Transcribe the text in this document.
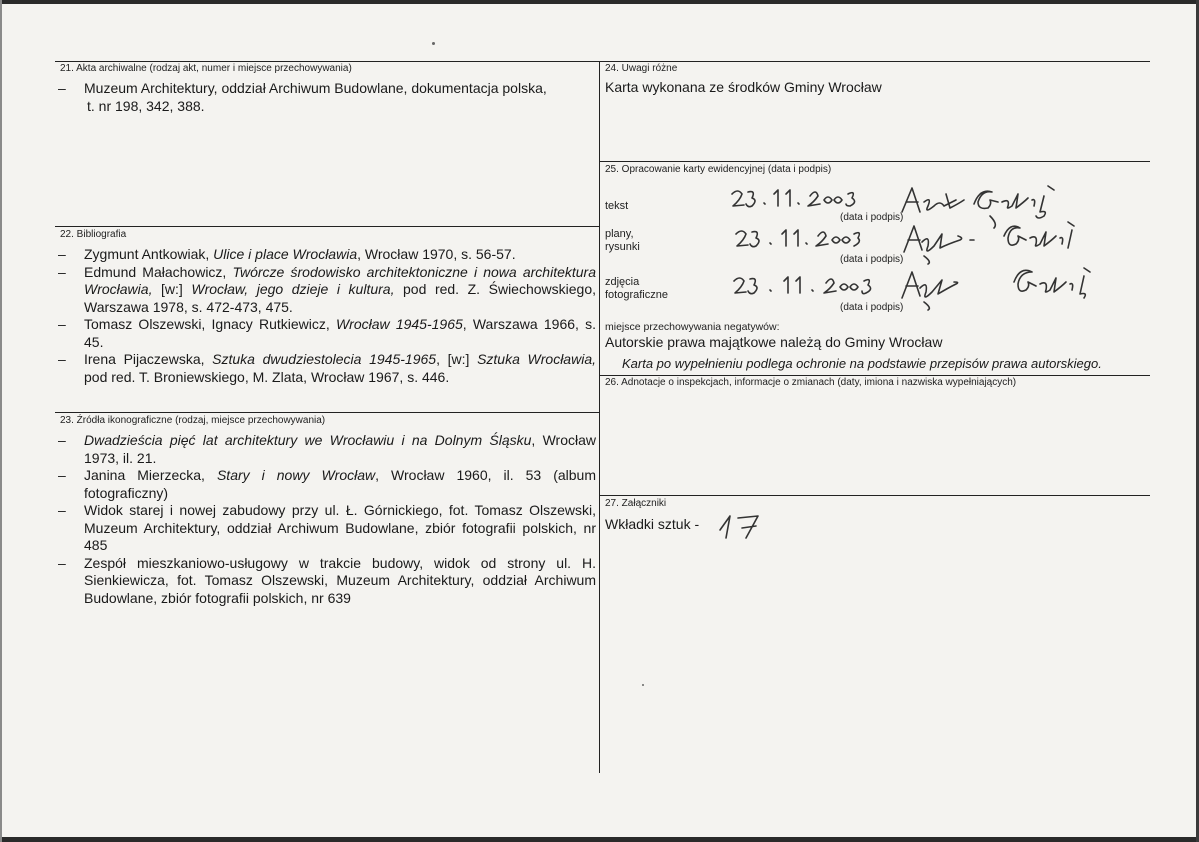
21. Akta archiwalne (rodzaj akt, numer i miejsce przechowywania)
– Muzeum Architektury, oddział Archiwum Budowlane, dokumentacja polska,
t. nr 198, 342, 388.
22. Bibliografia
– Zygmunt Antkowiak, Ulice i place Wrocławia, Wrocław 1970, s. 56-57.
– Edmund Małachowicz, Twórcze środowisko architektoniczne i nowa architektura Wrocławia, [w:] Wrocław, jego dzieje i kultura, pod red. Z. Świechowskiego, Warszawa 1978, s. 472-473, 475.
– Tomasz Olszewski, Ignacy Rutkiewicz, Wrocław 1945-1965, Warszawa 1966, s. 45.
– Irena Pijaczewska, Sztuka dwudziestolecia 1945-1965, [w:] Sztuka Wrocławia, pod red. T. Broniewskiego, M. Zlata, Wrocław 1967, s. 446.
23. Źródła ikonograficzne (rodzaj, miejsce przechowywania)
– Dwadzieścia pięć lat architektury we Wrocławiu i na Dolnym Śląsku, Wrocław 1973, il. 21.
– Janina Mierzecka, Stary i nowy Wrocław, Wrocław 1960, il. 53 (album fotograficzny)
– Widok starej i nowej zabudowy przy ul. Ł. Górnickiego, fot. Tomasz Olszewski, Muzeum Architektury, oddział Archiwum Budowlane, zbiór fotografii polskich, nr 485
– Zespół mieszkaniowo-usługowy w trakcie budowy, widok od strony ul. H. Sienkiewicza, fot. Tomasz Olszewski, Muzeum Architektury, oddział Archiwum Budowlane, zbiór fotografii polskich, nr 639
24. Uwagi różne
Karta wykonana ze środków Gminy Wrocław
25. Opracowanie karty ewidencyjnej (data i podpis)
tekst
plany,
rysunki
zdjęcia
fotograficzne
(data i podpis)
(data i podpis)
(data i podpis)
miejsce przechowywania negatywów:
Autorskie prawa majątkowe należą do Gminy Wrocław
Karta po wypełnieniu podlega ochronie na podstawie przepisów prawa autorskiego.
26. Adnotacje o inspekcjach, informacje o zmianach (daty, imiona i nazwiska wypełniających)
27. Załączniki
Wkładki sztuk -
